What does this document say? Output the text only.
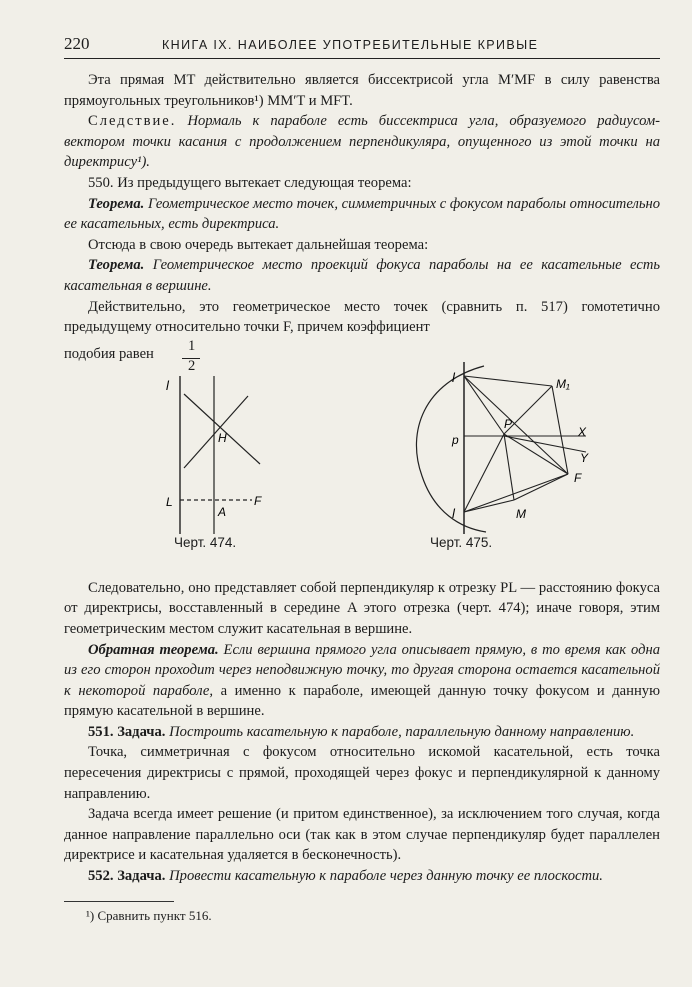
220	КНИГА IX. НАИБОЛЕЕ УПОТРЕБИТЕЛЬНЫЕ КРИВЫЕ

Эта прямая MT действительно является биссектрисой угла M′MF в силу равенства прямоугольных треугольников¹) MM′T и MFT.

Следствие. Нормаль к параболе есть биссектриса угла, образуемого радиусом-вектором точки касания с продолжением перпендикуляра, опущенного из этой точки на директрису¹).

550. Из предыдущего вытекает следующая теорема:

Теорема. Геометрическое место точек, симметричных с фокусом параболы относительно ее касательных, есть директриса.

Отсюда в свою очередь вытекает дальнейшая теорема:

Теорема. Геометрическое место проекций фокуса параболы на ее касательные есть касательная в вершине.

Действительно, это геометрическое место точек (сравнить п. 517) гомотетично предыдущему относительно точки F, причем коэффициент

подобия равен 1
2
l
H
L
A
F
l	M₁
P
p
X
Y
F
l	M
Черт. 474.	Черт. 475.

Следовательно, оно представляет собой перпендикуляр к отрезку PL — расстоянию фокуса от директрисы, восставленный в середине A этого отрезка (черт. 474); иначе говоря, этим геометрическим местом служит касательная в вершине.

Обратная теорема. Если вершина прямого угла описывает прямую, в то время как одна из его сторон проходит через неподвижную точку, то другая сторона остается касательной к некоторой параболе, а именно к параболе, имеющей данную точку фокусом и данную прямую касательной в вершине.

551. Задача. Построить касательную к параболе, параллельную данному направлению.

Точка, симметричная с фокусом относительно искомой касательной, есть точка пересечения директрисы с прямой, проходящей через фокус и перпендикулярной к данному направлению.

Задача всегда имеет решение (и притом единственное), за исключением того случая, когда данное направление параллельно оси (так как в этом случае перпендикуляр будет параллелен директрисе и касательная удаляется в бесконечность).

552. Задача. Провести касательную к параболе через данную точку ее плоскости.

¹) Сравнить пункт 516.
